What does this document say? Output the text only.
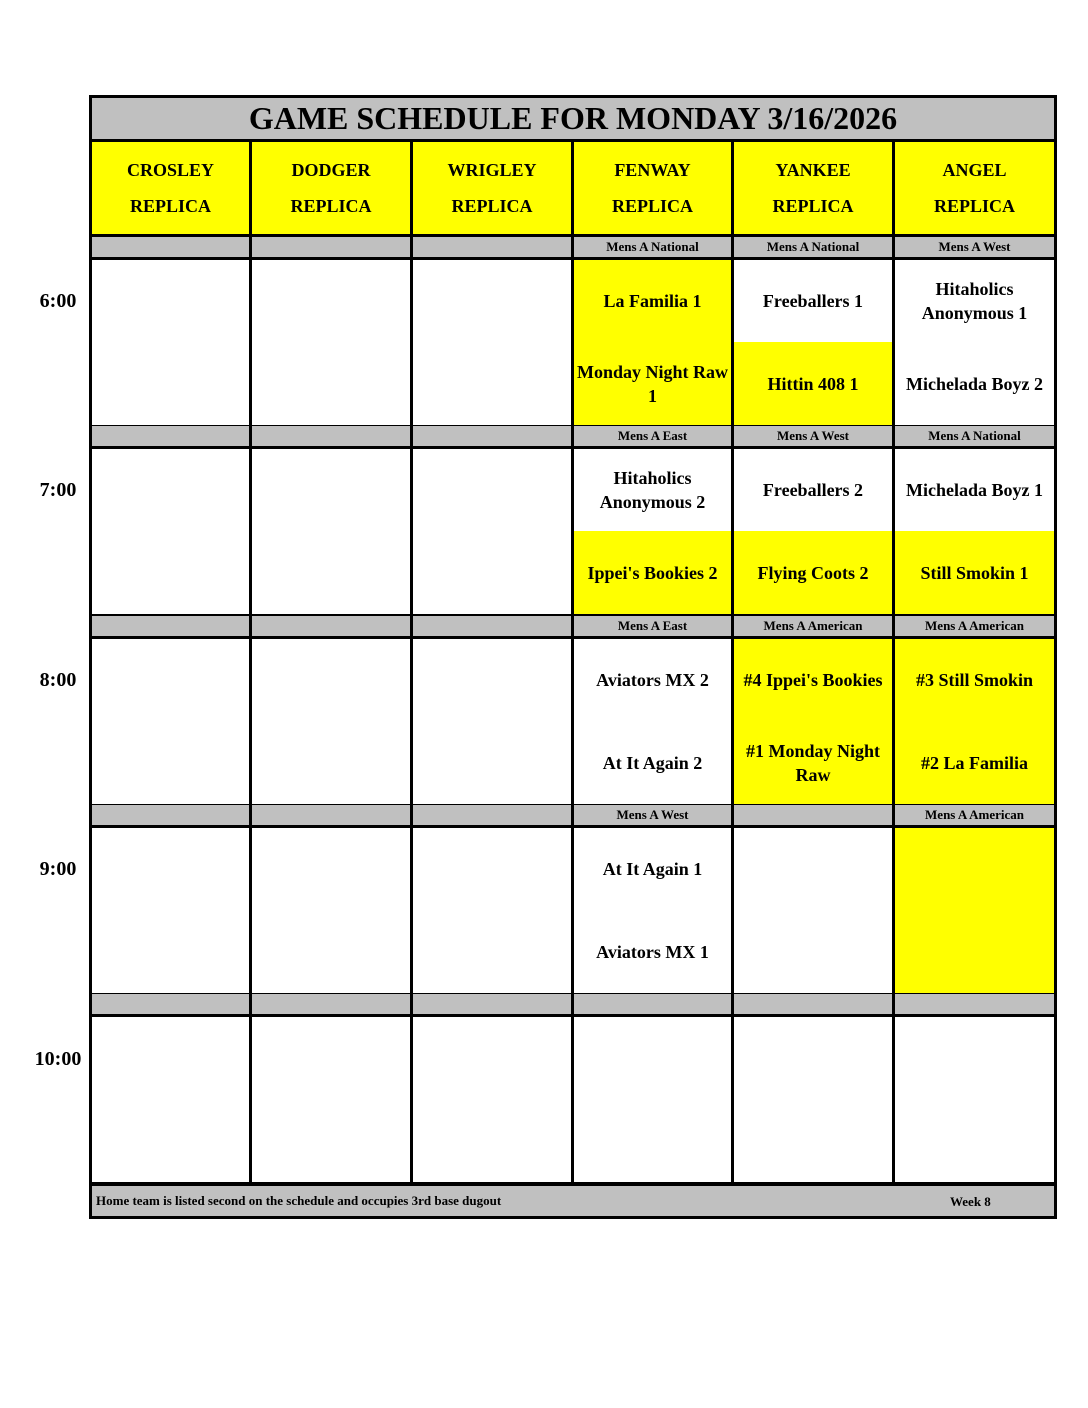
GAME SCHEDULE FOR MONDAY 3/16/2026
CROSLEY
REPLICA
DODGER
REPLICA
WRIGLEY
REPLICA
FENWAY
REPLICA
YANKEE
REPLICA
ANGEL
REPLICA
Mens A National
La Familia 1
Monday Night Raw 1
Mens A National
Freeballers 1
Hittin 408 1
Mens A West
Hitaholics Anonymous 1
Michelada Boyz 2
Mens A East
Hitaholics Anonymous 2
Ippei's Bookies 2
Mens A West
Freeballers 2
Flying Coots 2
Mens A National
Michelada Boyz 1
Still Smokin 1
Mens A East
Aviators MX 2
At It Again 2
Mens A American
#4 Ippei's Bookies
#1 Monday Night Raw
Mens A American
#3 Still Smokin
#2 La Familia
Mens A West
At It Again 1
Aviators MX 1
Mens A American
Home team is listed second on the schedule and occupies 3rd base dugout
6:00
7:00
8:00
9:00
10:00
Week 8
